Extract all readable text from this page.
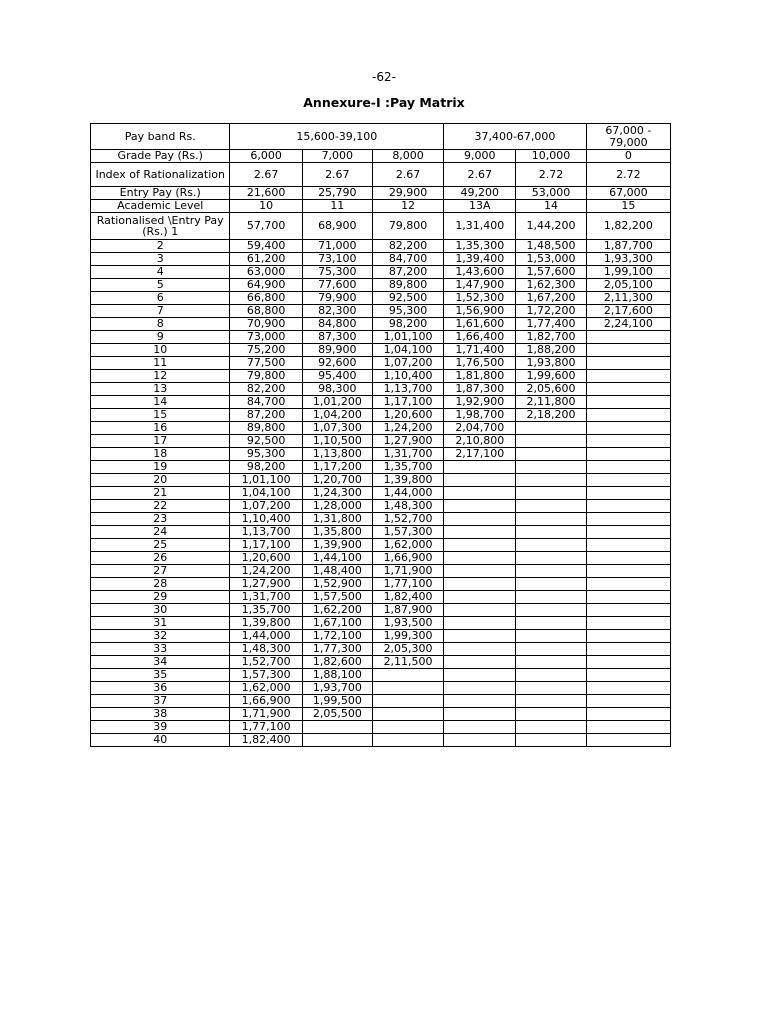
-62-
Annexure-I :Pay Matrix
Pay band Rs.	15,600-39,100			37,400-67,000		67,000 - 79,000
Grade Pay (Rs.)	6,000	7,000	8,000	9,000	10,000	0
Index of Rationalization	2.67	2.67	2.67	2.67	2.72	2.72
Entry Pay (Rs.)	21,600	25,790	29,900	49,200	53,000	67,000
Academic Level	10	11	12	13A	14	15
Rationalised \Entry Pay (Rs.) 1	57,700	68,900	79,800	1,31,400	1,44,200	1,82,200
2	59,400	71,000	82,200	1,35,300	1,48,500	1,87,700
3	61,200	73,100	84,700	1,39,400	1,53,000	1,93,300
4	63,000	75,300	87,200	1,43,600	1,57,600	1,99,100
5	64,900	77,600	89,800	1,47,900	1,62,300	2,05,100
6	66,800	79,900	92,500	1,52,300	1,67,200	2,11,300
7	68,800	82,300	95,300	1,56,900	1,72,200	2,17,600
8	70,900	84,800	98,200	1,61,600	1,77,400	2,24,100
9	73,000	87,300	1,01,100	1,66,400	1,82,700	
10	75,200	89,900	1,04,100	1,71,400	1,88,200	
11	77,500	92,600	1,07,200	1,76,500	1,93,800	
12	79,800	95,400	1,10,400	1,81,800	1,99,600	
13	82,200	98,300	1,13,700	1,87,300	2,05,600	
14	84,700	1,01,200	1,17,100	1,92,900	2,11,800	
15	87,200	1,04,200	1,20,600	1,98,700	2,18,200	
16	89,800	1,07,300	1,24,200	2,04,700		
17	92,500	1,10,500	1,27,900	2,10,800		
18	95,300	1,13,800	1,31,700	2,17,100		
19	98,200	1,17,200	1,35,700			
20	1,01,100	1,20,700	1,39,800			
21	1,04,100	1,24,300	1,44,000			
22	1,07,200	1,28,000	1,48,300			
23	1,10,400	1,31,800	1,52,700			
24	1,13,700	1,35,800	1,57,300			
25	1,17,100	1,39,900	1,62,000			
26	1,20,600	1,44,100	1,66,900			
27	1,24,200	1,48,400	1,71,900			
28	1,27,900	1,52,900	1,77,100			
29	1,31,700	1,57,500	1,82,400			
30	1,35,700	1,62,200	1,87,900			
31	1,39,800	1,67,100	1,93,500			
32	1,44,000	1,72,100	1,99,300			
33	1,48,300	1,77,300	2,05,300			
34	1,52,700	1,82,600	2,11,500			
35	1,57,300	1,88,100				
36	1,62,000	1,93,700				
37	1,66,900	1,99,500				
38	1,71,900	2,05,500				
39	1,77,100					
40	1,82,400					
